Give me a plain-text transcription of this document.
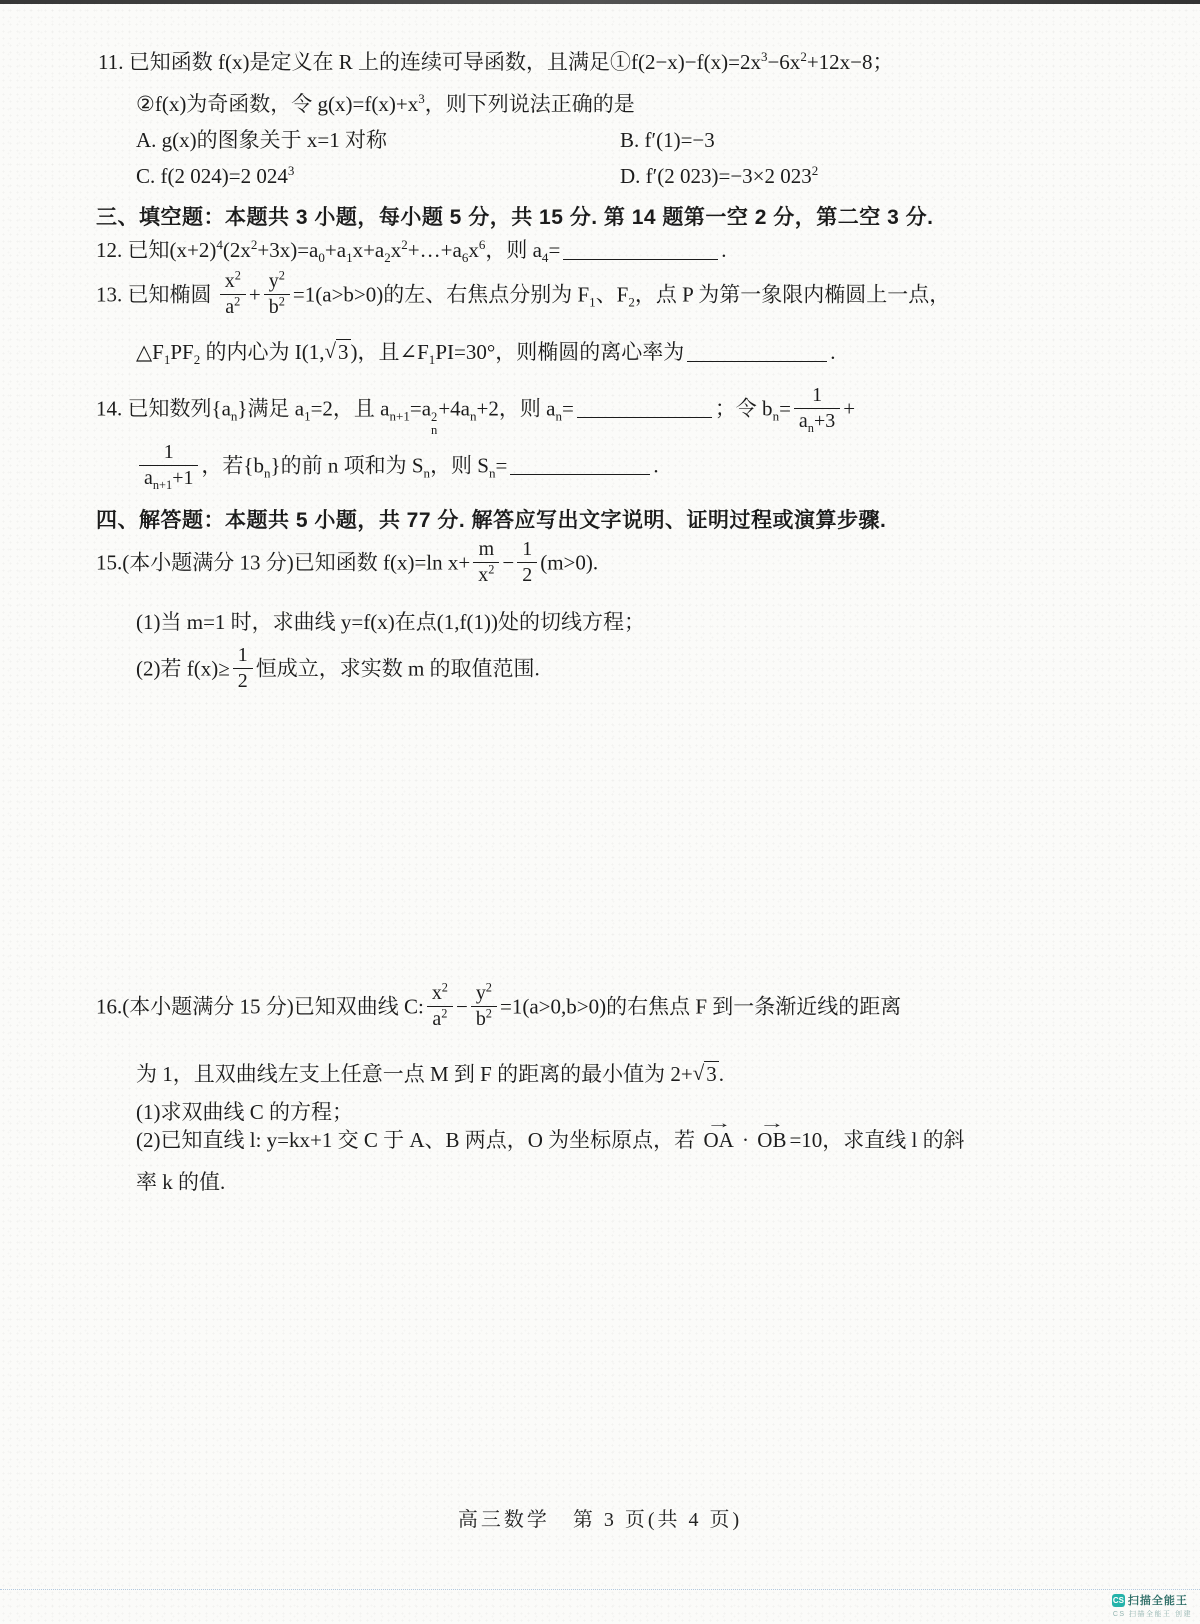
11. 已知函数 f(x)是定义在 R 上的连续可导函数，且满足$①f(2-x)-f(x)=2x^3-6x^2+12x-8$；
②f(x)为奇函数，令 $g(x)=f(x)+x^3$，则下列说法正确的是
A. g(x)的图象关于 x=1 对称	B. f′(1)=−3
C. f(2 024)=2 $024^3$	D. f′(2 023)=−3×2 $023^2$
三、填空题：本题共 3 小题，每小题 5 分，共 15 分. 第 14 题第一空 2 分，第二空 3 分.
12. 已知$(x+2)^4(2x^2+3x)=a_0+a_1x+a_2x^2+\dots+a_6x^6$，则 $a_4=$	.
13. 已知椭圆 $\frac{x^2}{a^2} + \frac{y^2}{b^2} =1(a>b>0)$的左、右焦点分别为 $F_1$、$F_2$，点 P 为第一象限内椭圆上一点，
$\triangle F_1PF_2$ 的内心为 I(1,√3)，且$\angle F_1PI=30^\circ$，则椭圆的离心率为	.
14. 已知数列$\{a_n\}$满足 $a_1=2$，且 $a_{n+1}=a$ 2
n
$+4a_n+2$，则 $a_n=$	；令 $b_n= \frac{1}{a_n+3}$ +
$\frac{1}{a_{n+1}+1}$ ，若$\{b_n\}$的前 n 项和为 $S_n$，则 $S_n=$	.
四、解答题：本题共 5 小题，共 77 分. 解答应写出文字说明、证明过程或演算步骤.
15.(本小题满分 13 分)已知函数 f(x)=ln $x+ \frac{m}{x^2} - \frac{1}{2} (m>0)$.
(1)当 m=1 时，求曲线 y=f(x)在点(1,f(1))处的切线方程；
(2)若 $f(x)\ge \frac{1}{2}$ 恒成立，求实数 m 的取值范围.
16.(本小题满分 15 分)已知双曲线 C: $\frac{x^2}{a^2} - \frac{y^2}{b^2} =1(a>0,b>0)$的右焦点 F 到一条渐近线的距离
为 1，且双曲线左支上任意一点 M 到 F 的距离的最小值为 2+√3.
(1)求双曲线 C 的方程；
(2)已知直线 l: y=kx+1 交 C 于 A、B 两点，O 为坐标原点，若 OA → · OB → =10，求直线 l 的斜
率 k 的值.
高三数学　第 3 页(共 4 页)
CS 扫描全能王
CS 扫描全能王 创建
